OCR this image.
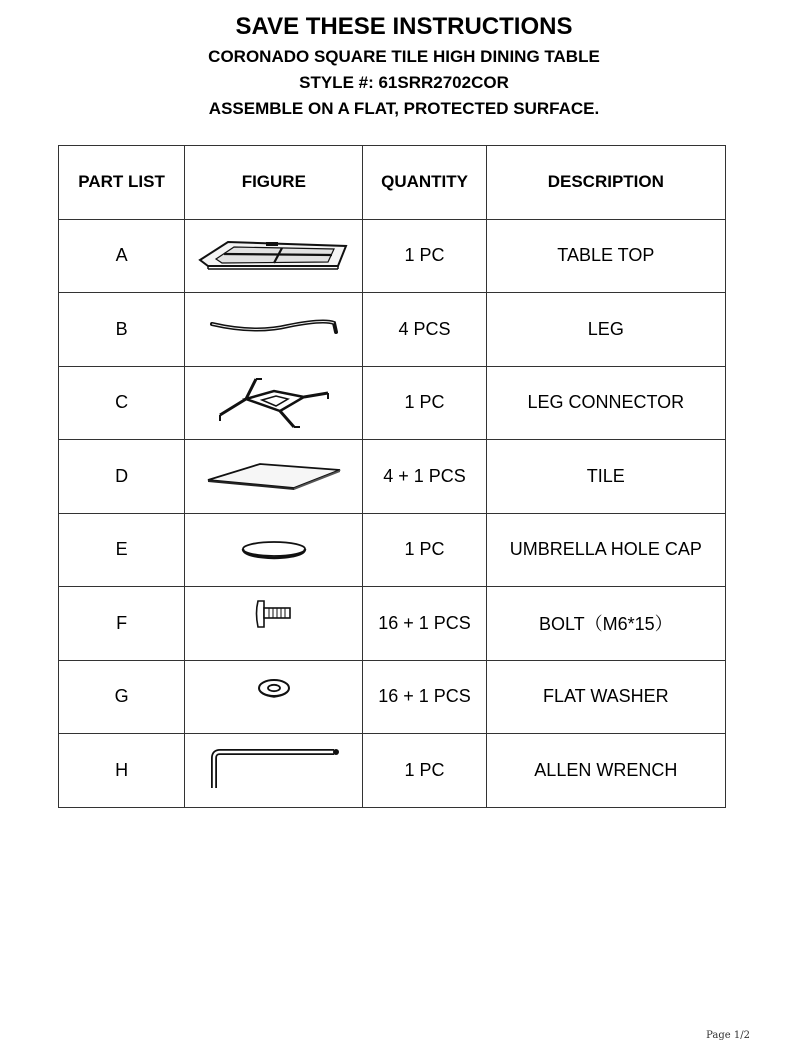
SAVE THESE INSTRUCTIONS
CORONADO SQUARE TILE HIGH DINING TABLE
STYLE #: 61SRR2702COR
ASSEMBLE ON A FLAT, PROTECTED SURFACE.
PART LIST	FIGURE	QUANTITY	DESCRIPTION
A		1 PC	TABLE TOP
B		4 PCS	LEG
C		1 PC	LEG CONNECTOR
D		4 + 1 PCS	TILE
E		1 PC	UMBRELLA HOLE CAP
F		16 + 1 PCS	BOLT（M6*15）
G		16 + 1 PCS	FLAT WASHER
H		1 PC	ALLEN WRENCH
Page 1/2
